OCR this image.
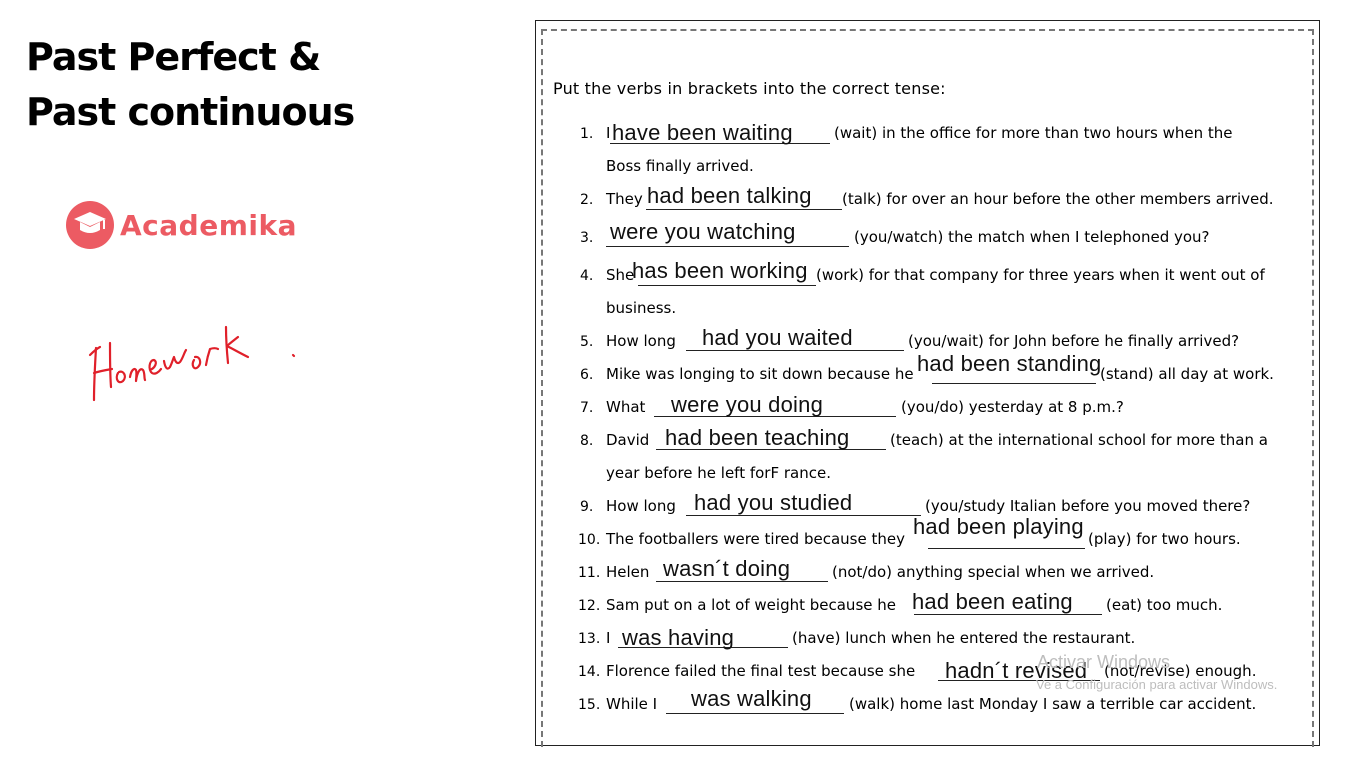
Past Perfect &
Past continuous
Academika
Homework.
Put the verbs in brackets into the correct tense:
1. I have been waiting	(wait) in the office for more than two hours when the
Boss finally arrived.
2. They had been talking (talk) for over an hour before the other members arrived.
3. were you watching	(you/watch) the match when I telephoned you?
4. She
has been working (work) for that company for three years when it went out of
business.
5. How long had you waited	(you/wait) for John before he finally arrived?
6. Mike was longing to sit down because he had been standing
(stand) all day at work.
7. What were you doing	(you/do) yesterday at 8 p.m.?
8. David had been teaching	(teach) at the international school for more than a
year before he left forF rance.
9. How long had you studied	(you/study Italian before you moved there?
10. The footballers were tired because they had been playing (play) for two hours.
11. Helen wasn´t doing	(not/do) anything special when we arrived.
12. Sam put on a lot of weight because he had been eating (eat) too much.
13. I was having	(have) lunch when he entered the restaurant.
14. Florence failed the final test because she hadn´t revised (not/revise) enough.
15. While I was walking (walk) home last Monday I saw a terrible car accident.
Activar Windows
Ve a Configuración para activar Windows.
